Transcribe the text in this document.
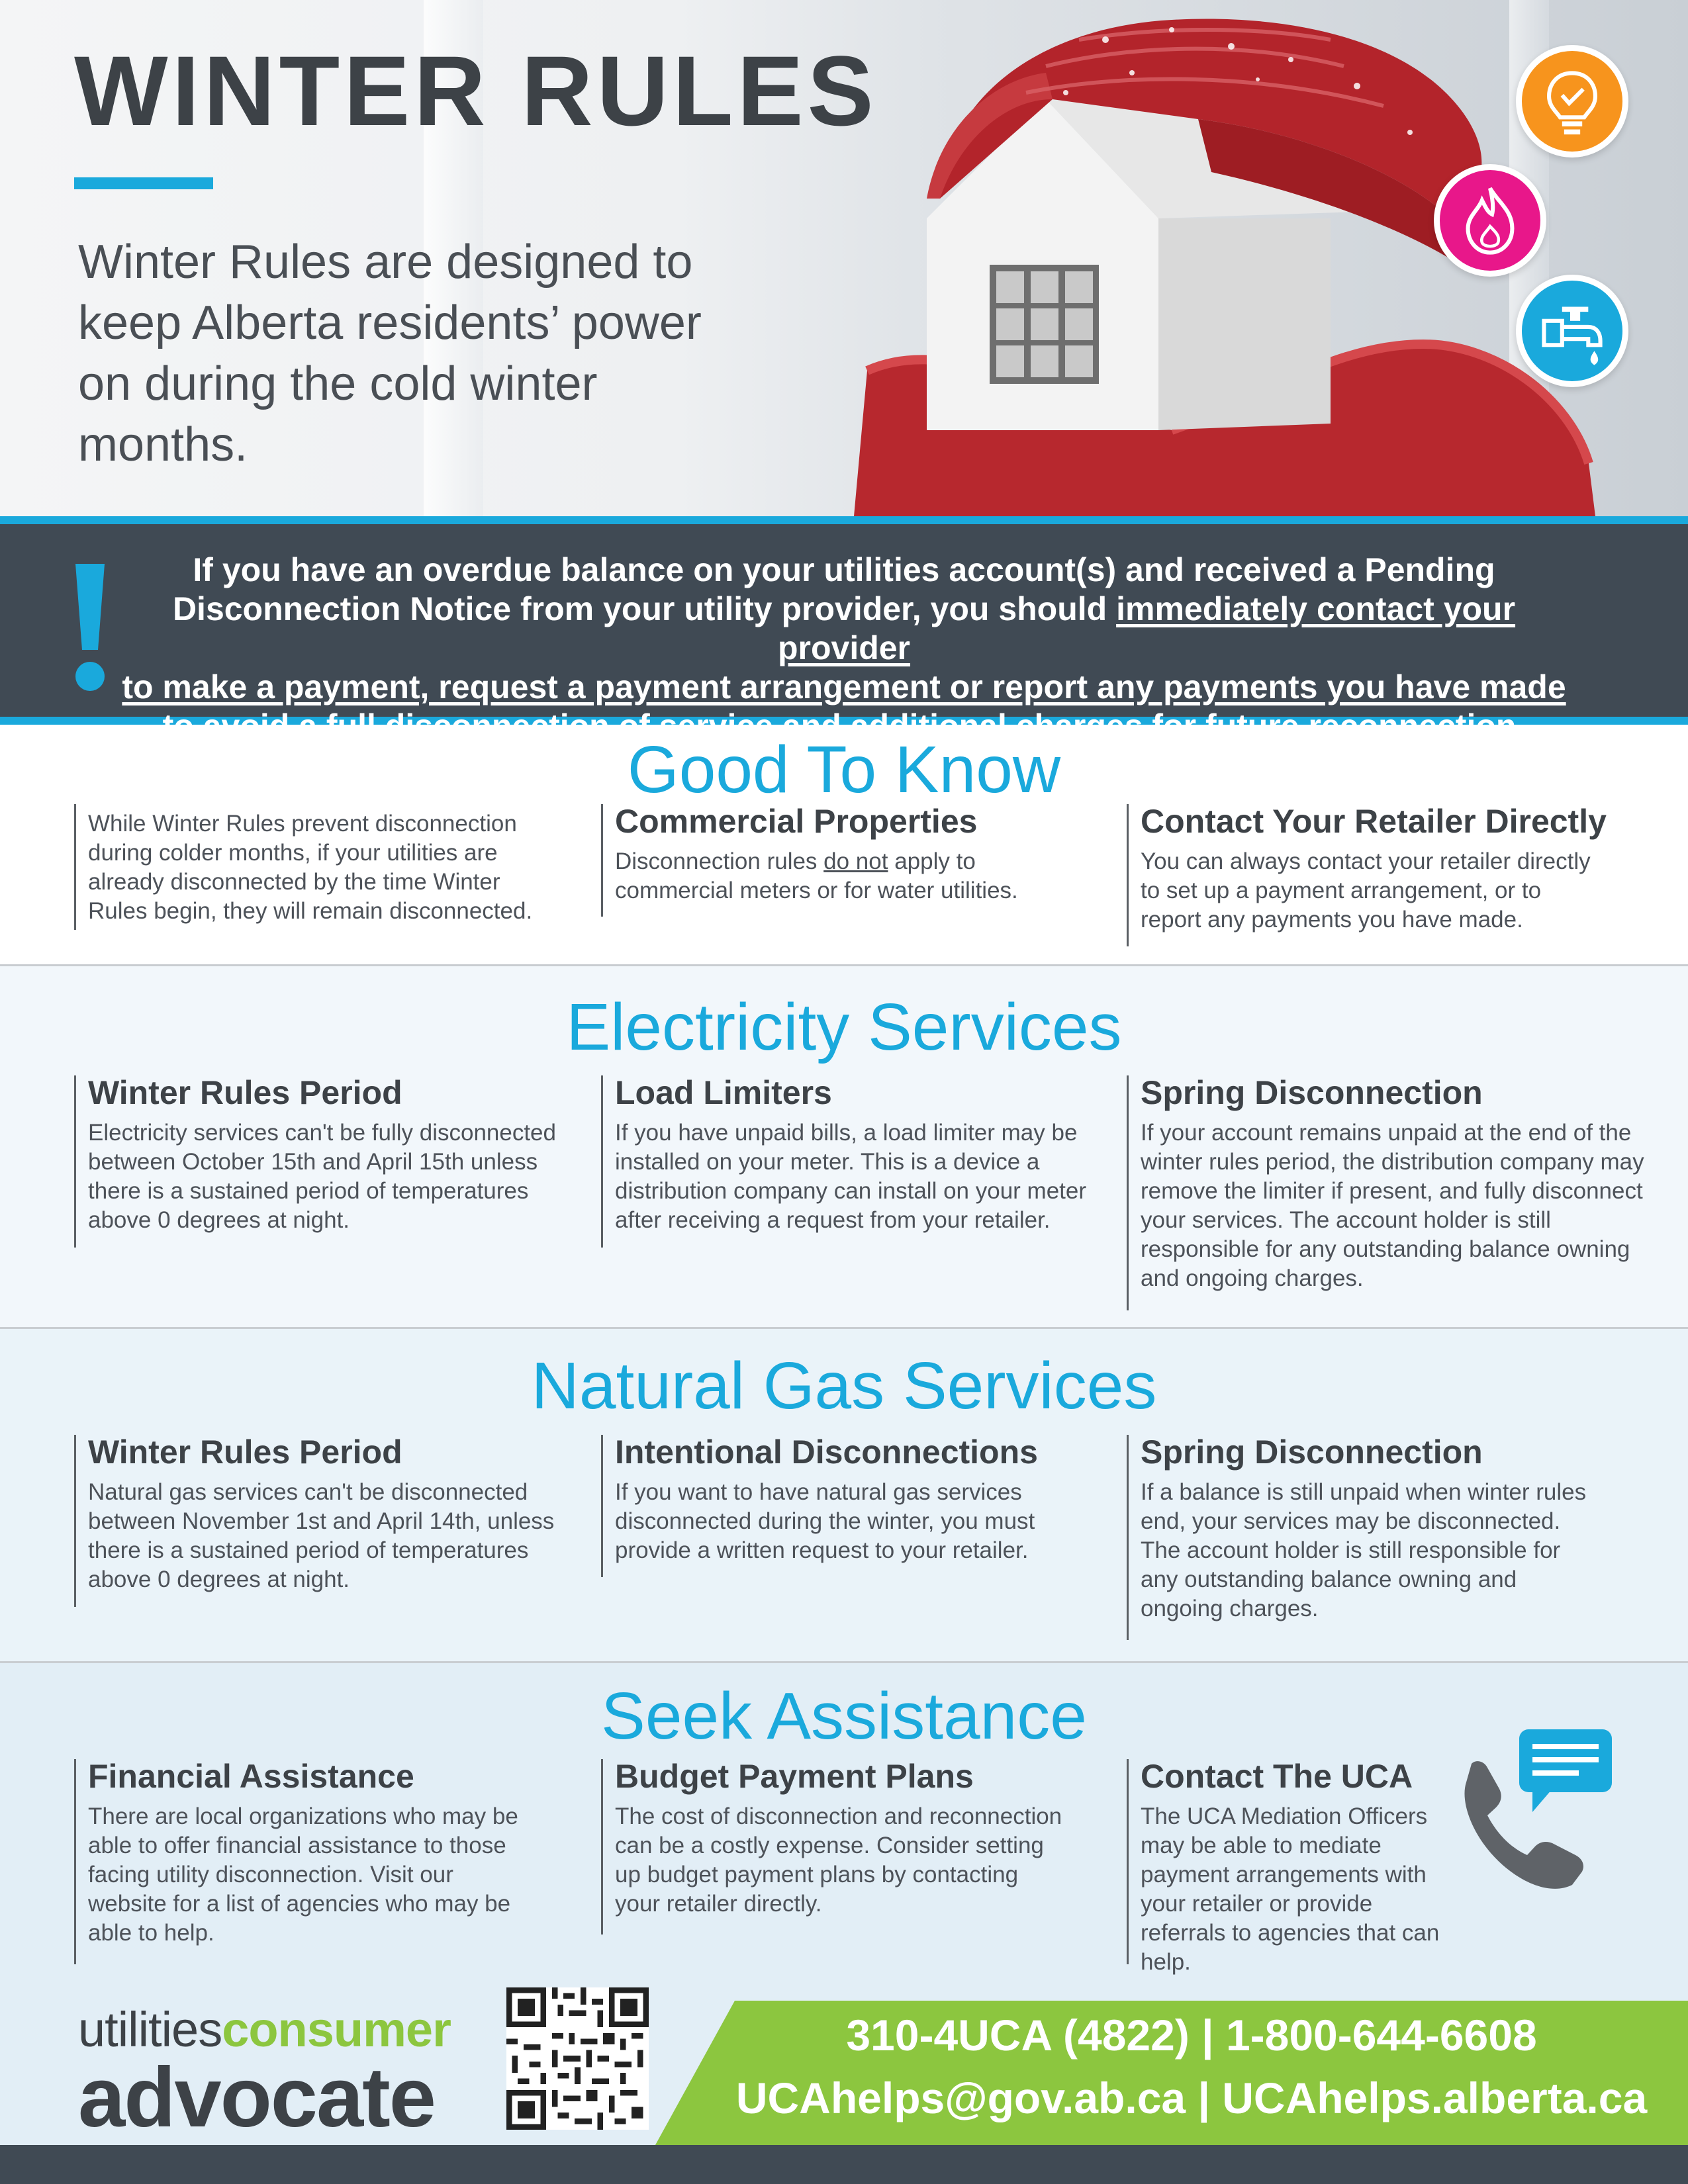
WINTER RULES

Winter Rules are designed to keep Alberta residents’ power on during the cold winter months.

If you have an overdue balance on your utilities account(s) and received a Pending
Disconnection Notice from your utility provider, you should immediately contact your provider
to make a payment, request a payment arrangement or report any payments you have made
Good To Know

While Winter Rules prevent disconnection during colder months, if your utilities are already disconnected by the time Winter Rules begin, they will remain disconnected.

Commercial Properties

Disconnection rules do not apply to commercial meters or for water utilities.

Contact Your Retailer Directly

You can always contact your retailer directly to set up a payment arrangement, or to report any payments you have made.

Electricity Services
Winter Rules Period

Electricity services can't be fully disconnected between October 15th and April 15th unless there is a sustained period of temperatures above 0 degrees at night.

Load Limiters

If you have unpaid bills, a load limiter may be installed on your meter. This is a device a distribution company can install on your meter after receiving a request from your retailer.

Spring Disconnection

If your account remains unpaid at the end of the winter rules period, the distribution company may remove the limiter if present, and fully disconnect your services. The account holder is still responsible for any outstanding balance owning and ongoing charges.

Natural Gas Services
Winter Rules Period

Natural gas services can't be disconnected between November 1st and April 14th, unless there is a sustained period of temperatures above 0 degrees at night.

Intentional Disconnections

If you want to have natural gas services disconnected during the winter, you must provide a written request to your retailer.

Spring Disconnection

If a balance is still unpaid when winter rules end, your services may be disconnected. The account holder is still responsible for any outstanding balance owning and ongoing charges.

Seek Assistance
Financial Assistance

There are local organizations who may be able to offer financial assistance to those facing utility disconnection. Visit our website for a list of agencies who may be able to help.

Budget Payment Plans

The cost of disconnection and reconnection can be a costly expense. Consider setting up budget payment plans by contacting your retailer directly.

Contact The UCA

The UCA Mediation Officers may be able to mediate payment arrangements with your retailer or provide referrals to agencies that can help.

utilitiesconsumer
advocate
310-4UCA (4822) | 1-800-644-6608
UCAhelps@gov.ab.ca | UCAhelps.alberta.ca
